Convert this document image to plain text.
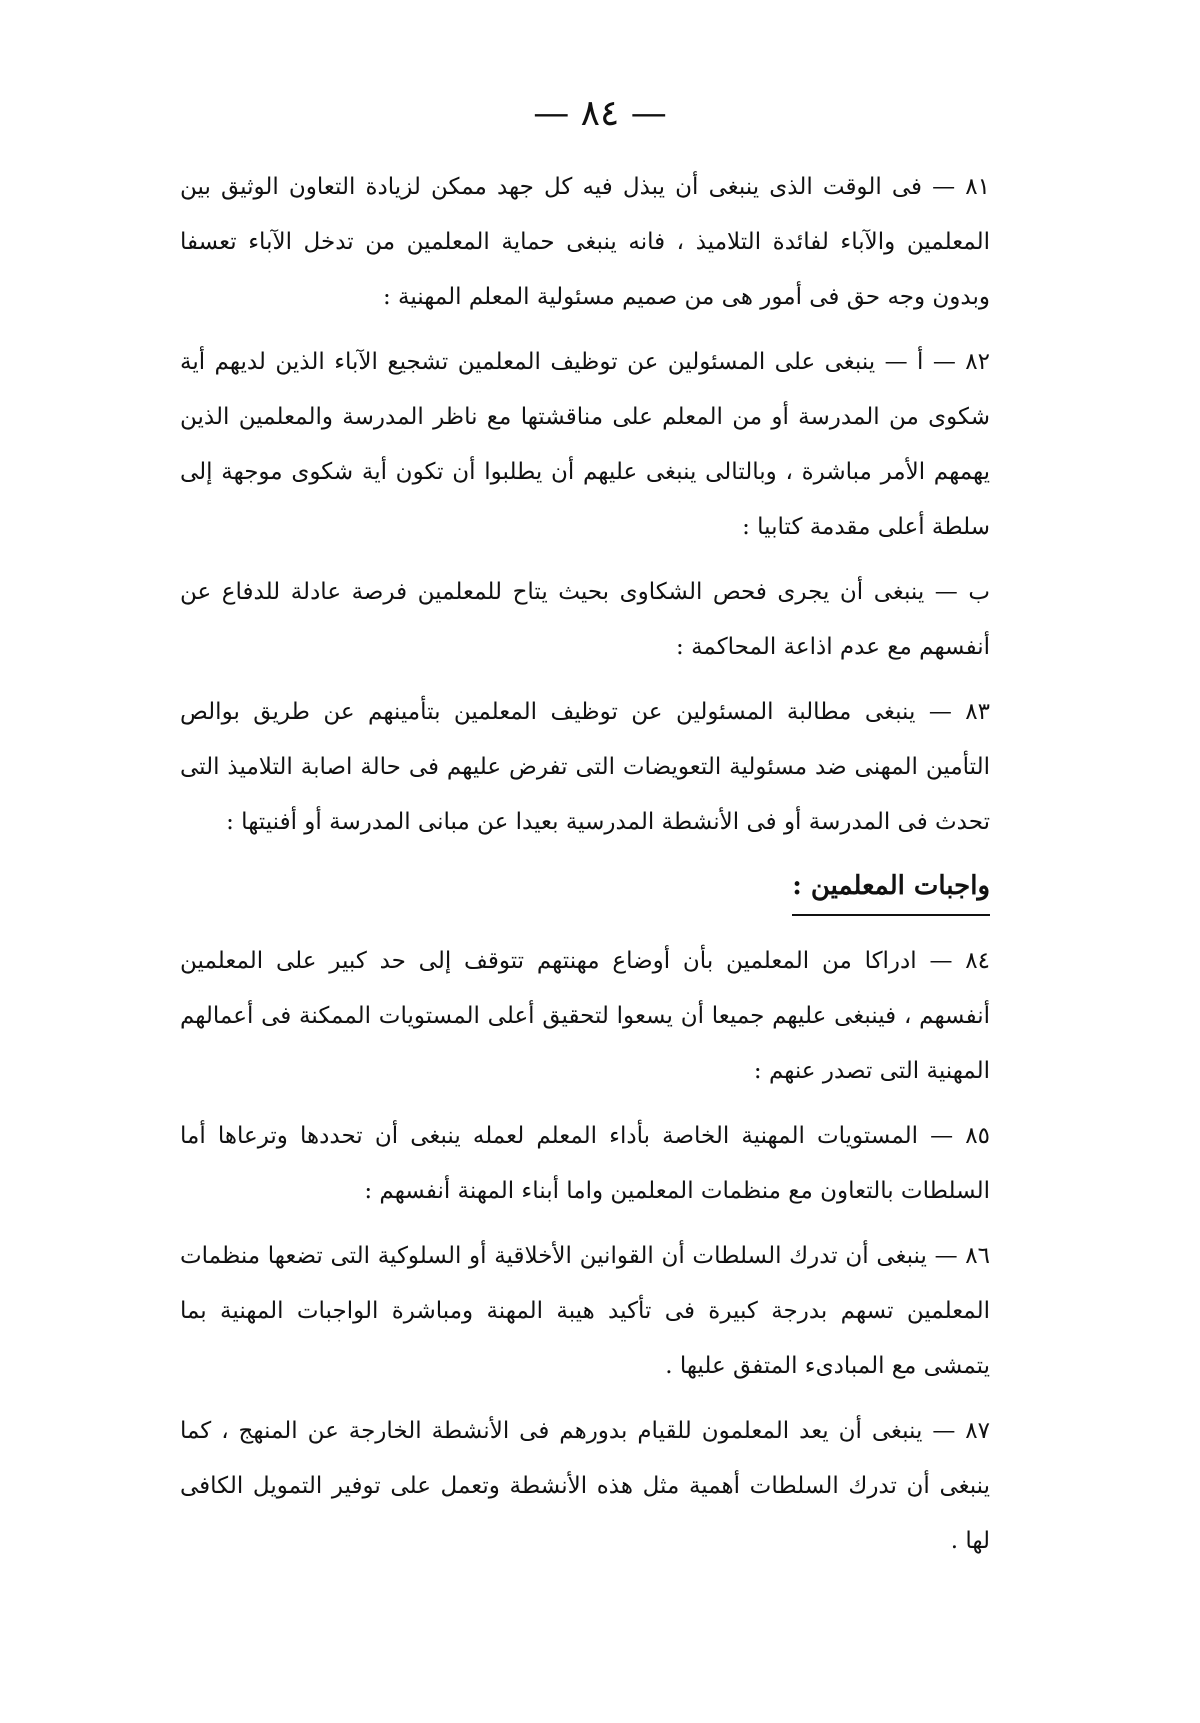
— ٨٤ —

٨١ — فى الوقت الذى ينبغى أن يبذل فيه كل جهد ممكن لزيادة التعاون الوثيق بين المعلمين والآباء لفائدة التلاميذ ، فانه ينبغى حماية المعلمين من تدخل الآباء تعسفا وبدون وجه حق فى أمور هى من صميم مسئولية المعلم المهنية :

٨٢ — أ — ينبغى على المسئولين عن توظيف المعلمين تشجيع الآباء الذين لديهم أية شكوى من المدرسة أو من المعلم على مناقشتها مع ناظر المدرسة والمعلمين الذين يهمهم الأمر مباشرة ، وبالتالى ينبغى عليهم أن يطلبوا أن تكون أية شكوى موجهة إلى سلطة أعلى مقدمة كتابيا :

ب — ينبغى أن يجرى فحص الشكاوى بحيث يتاح للمعلمين فرصة عادلة للدفاع عن أنفسهم مع عدم اذاعة المحاكمة :

٨٣ — ينبغى مطالبة المسئولين عن توظيف المعلمين بتأمينهم عن طريق بوالص التأمين المهنى ضد مسئولية التعويضات التى تفرض عليهم فى حالة اصابة التلاميذ التى تحدث فى المدرسة أو فى الأنشطة المدرسية بعيدا عن مبانى المدرسة أو أفنيتها :

واجبات المعلمين :

٨٤ — ادراكا من المعلمين بأن أوضاع مهنتهم تتوقف إلى حد كبير على المعلمين أنفسهم ، فينبغى عليهم جميعا أن يسعوا لتحقيق أعلى المستويات الممكنة فى أعمالهم المهنية التى تصدر عنهم :

٨٥ — المستويات المهنية الخاصة بأداء المعلم لعمله ينبغى أن تحددها وترعاها أما السلطات بالتعاون مع منظمات المعلمين واما أبناء المهنة أنفسهم :

٨٦ — ينبغى أن تدرك السلطات أن القوانين الأخلاقية أو السلوكية التى تضعها منظمات المعلمين تسهم بدرجة كبيرة فى تأكيد هيبة المهنة ومباشرة الواجبات المهنية بما يتمشى مع المبادىء المتفق عليها .

٨٧ — ينبغى أن يعد المعلمون للقيام بدورهم فى الأنشطة الخارجة عن المنهج ، كما ينبغى أن تدرك السلطات أهمية مثل هذه الأنشطة وتعمل على توفير التمويل الكافى لها .
